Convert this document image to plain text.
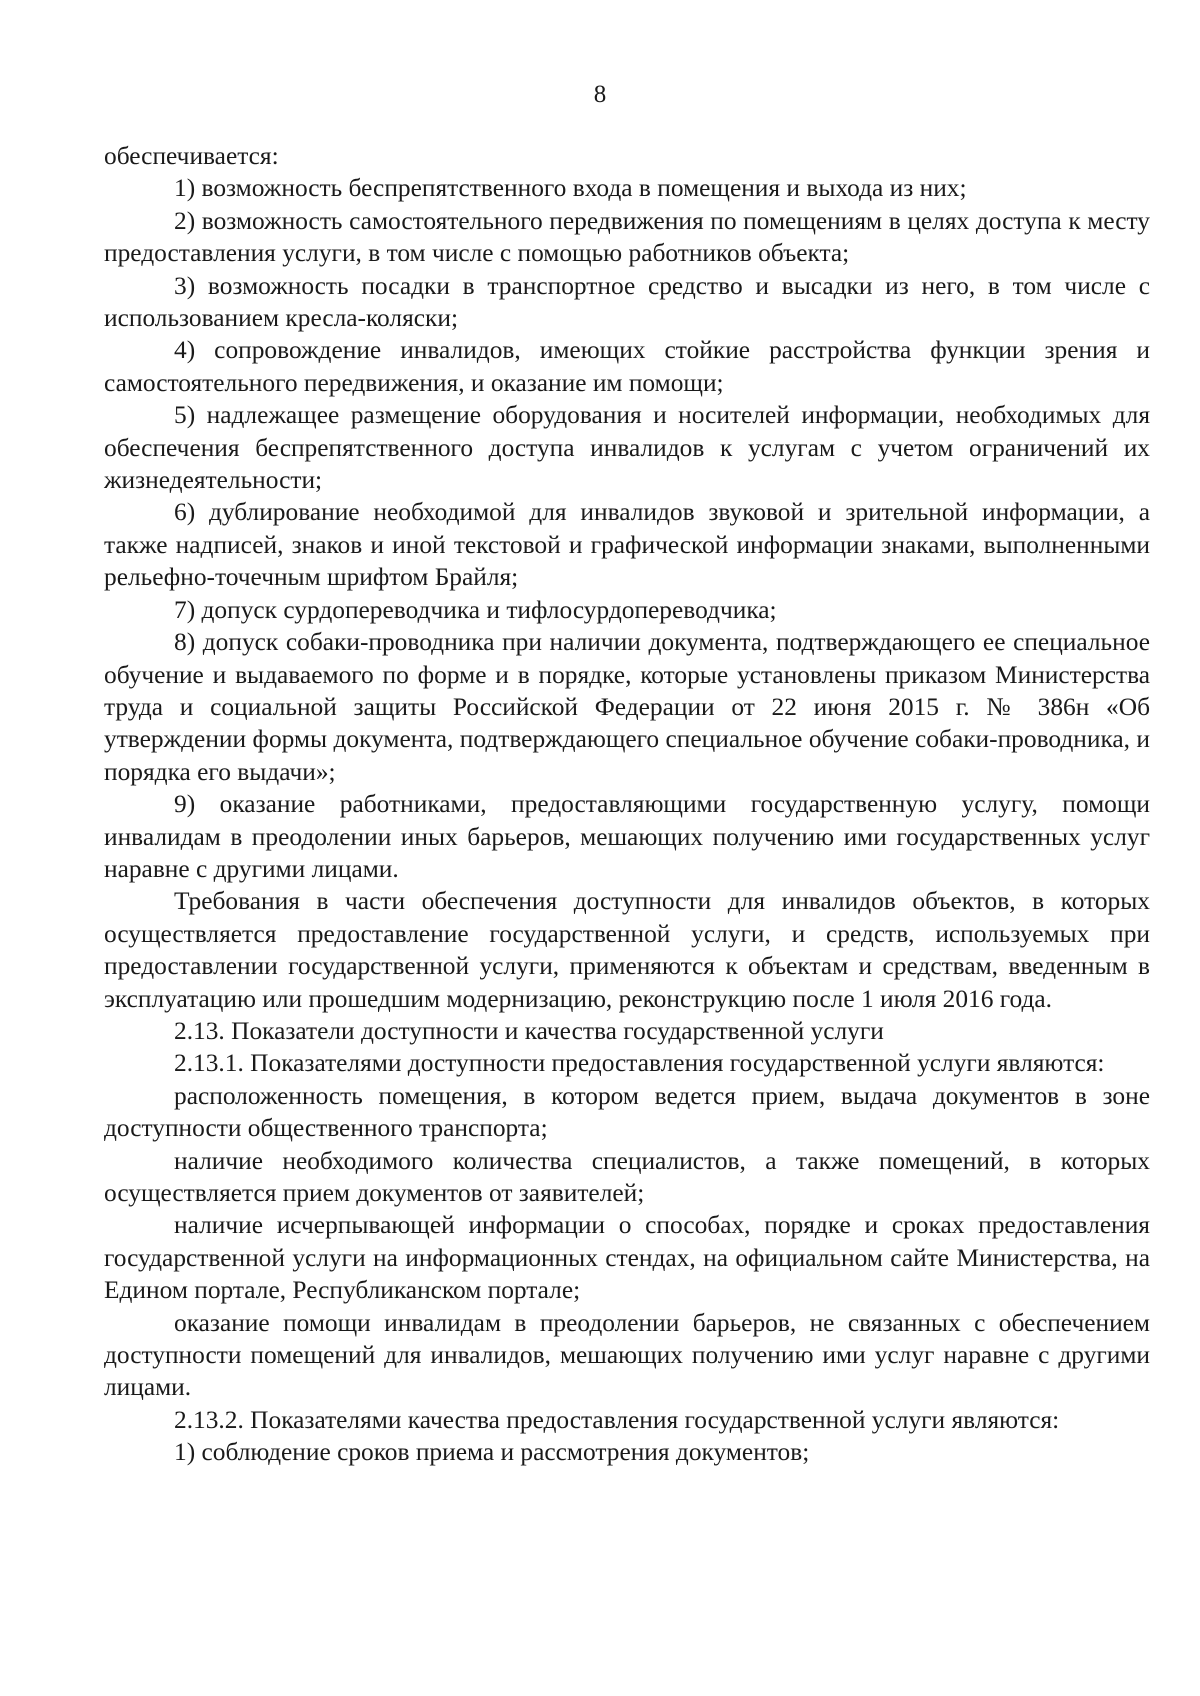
8

обеспечивается:

1) возможность беспрепятственного входа в помещения и выхода из них;

2) возможность самостоятельного передвижения по помещениям в целях доступа к месту предоставления услуги, в том числе с помощью работников объекта;

3) возможность посадки в транспортное средство и высадки из него, в том числе с использованием кресла-коляски;

4) сопровождение инвалидов, имеющих стойкие расстройства функции зрения и самостоятельного передвижения, и оказание им помощи;

5) надлежащее размещение оборудования и носителей информации, необходимых для обеспечения беспрепятственного доступа инвалидов к услугам с учетом ограничений их жизнедеятельности;

6) дублирование необходимой для инвалидов звуковой и зрительной информации, а также надписей, знаков и иной текстовой и графической информации знаками, выполненными рельефно-точечным шрифтом Брайля;

7) допуск сурдопереводчика и тифлосурдопереводчика;

8) допуск собаки-проводника при наличии документа, подтверждающего ее специальное обучение и выдаваемого по форме и в порядке, которые установлены приказом Министерства труда и социальной защиты Российской Федерации от 22 июня 2015 г. № 386н «Об утверждении формы документа, подтверждающего специальное обучение собаки-проводника, и порядка его выдачи»;

9) оказание работниками, предоставляющими государственную услугу, помощи инвалидам в преодолении иных барьеров, мешающих получению ими государственных услуг наравне с другими лицами.

Требования в части обеспечения доступности для инвалидов объектов, в которых осуществляется предоставление государственной услуги, и средств, используемых при предоставлении государственной услуги, применяются к объектам и средствам, введенным в эксплуатацию или прошедшим модернизацию, реконструкцию после 1 июля 2016 года.

2.13. Показатели доступности и качества государственной услуги

2.13.1. Показателями доступности предоставления государственной услуги являются:

расположенность помещения, в котором ведется прием, выдача документов в зоне доступности общественного транспорта;

наличие необходимого количества специалистов, а также помещений, в которых осуществляется прием документов от заявителей;

наличие исчерпывающей информации о способах, порядке и сроках предоставления государственной услуги на информационных стендах, на официальном сайте Министерства, на Едином портале, Республиканском портале;

оказание помощи инвалидам в преодолении барьеров, не связанных с обеспечением доступности помещений для инвалидов, мешающих получению ими услуг наравне с другими лицами.

2.13.2. Показателями качества предоставления государственной услуги являются:

1) соблюдение сроков приема и рассмотрения документов;
